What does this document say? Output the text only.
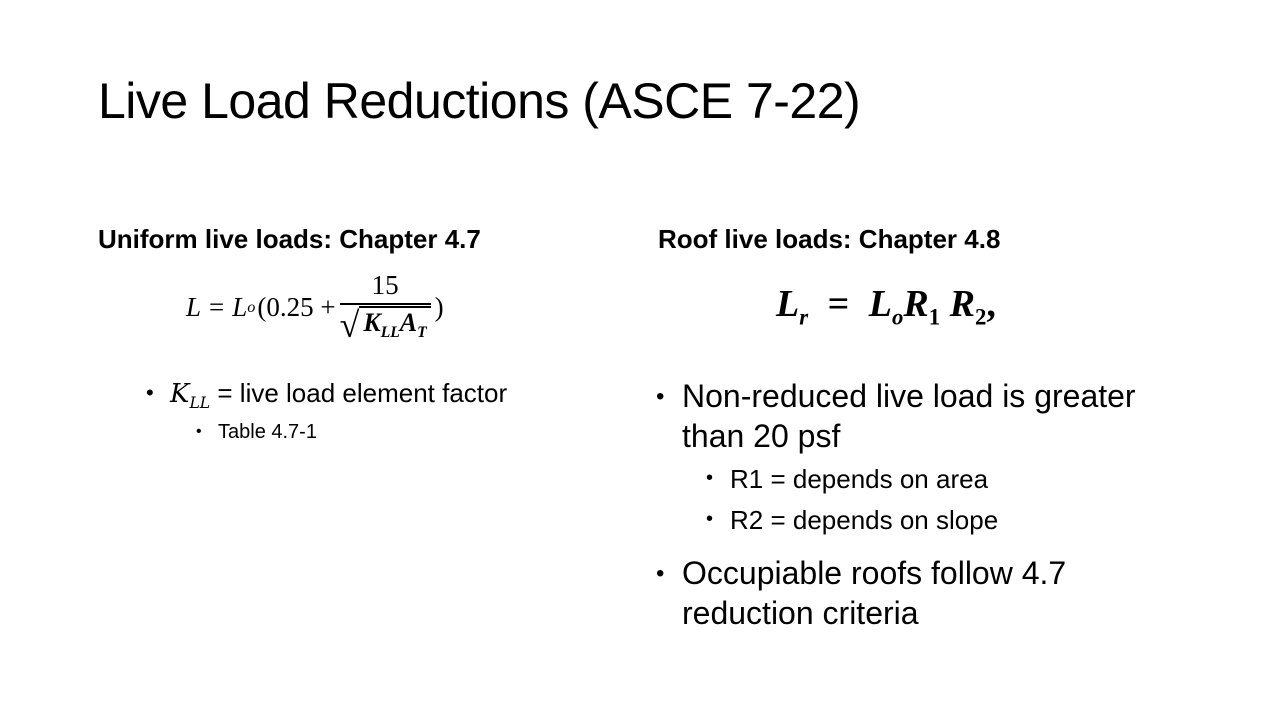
Live Load Reductions (ASCE 7-22)
Uniform live loads: Chapter 4.7
L = L o ($0.25 + \frac{15}{√ K_{LL}A_T}$ )
• $K_{LL}$ = live load element factor
• Table 4.7-1
Roof live loads: Chapter 4.8
$L_r = L_oR_1$ $R_2$,
• Non-reduced live load is greater than 20 psf
• R1 = depends on area
• R2 = depends on slope
• Occupiable roofs follow 4.7 reduction criteria
